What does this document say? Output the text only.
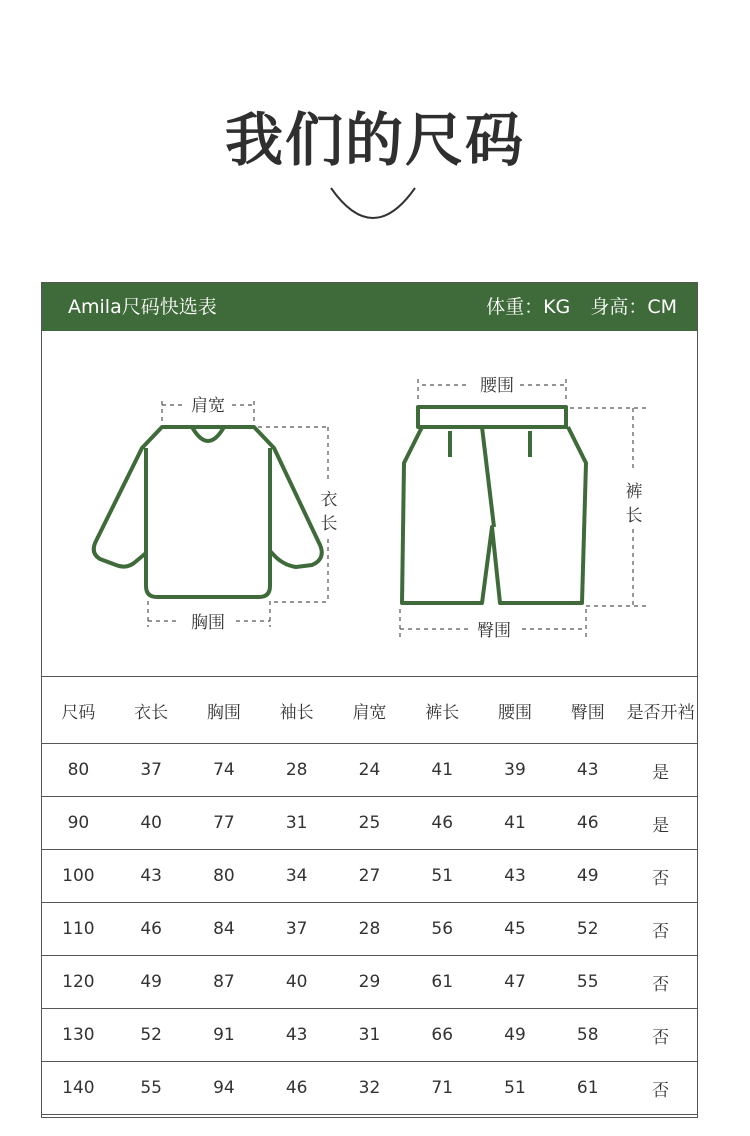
我们的尺码
Amila尺码快选表	体重：KG 身高：CM
肩宽
胸围
衣
长
腰围
裤
长
臀围
尺码	衣长	胸围	袖长	肩宽	裤长	腰围	臀围	是否开裆
80	37	74	28	24	41	39	43	是
90	40	77	31	25	46	41	46	是
100	43	80	34	27	51	43	49	否
110	46	84	37	28	56	45	52	否
120	49	87	40	29	61	47	55	否
130	52	91	43	31	66	49	58	否
140	55	94	46	32	71	51	61	否
